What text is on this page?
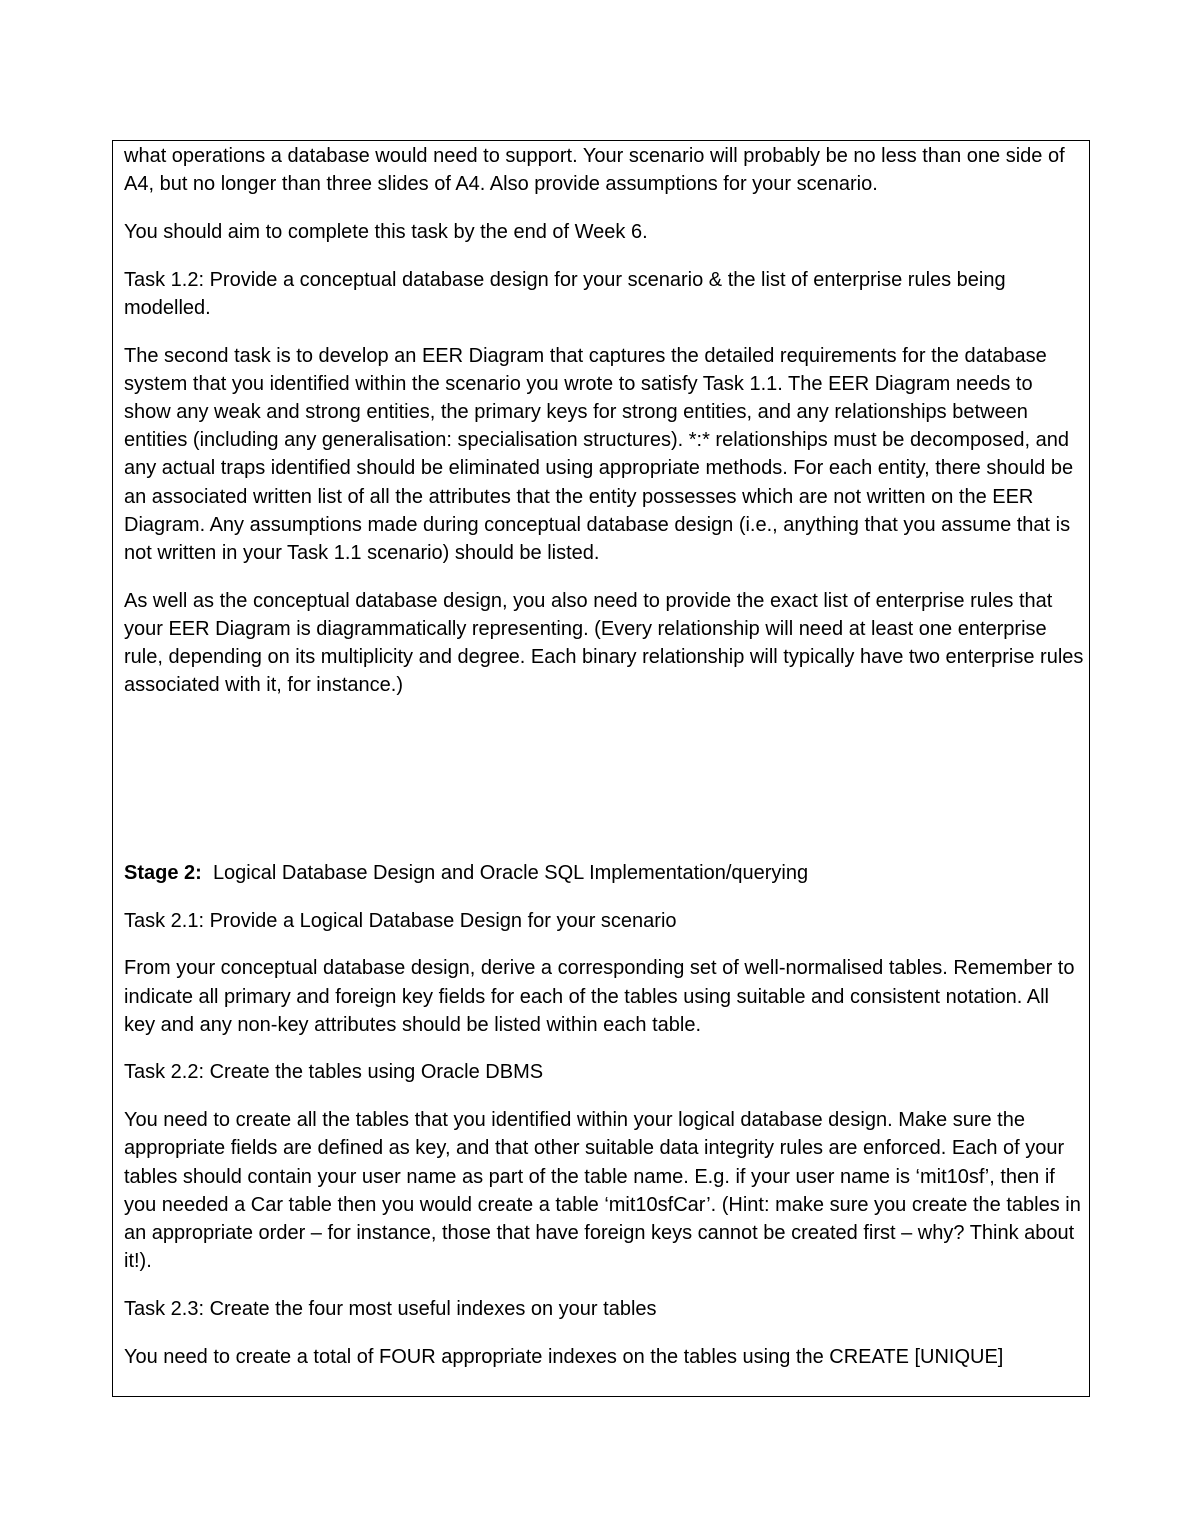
what operations a database would need to support. Your scenario will probably be no less than one side of A4, but no longer than three slides of A4. Also provide assumptions for your scenario.

You should aim to complete this task by the end of Week 6.

Task 1.2: Provide a conceptual database design for your scenario & the list of enterprise rules being modelled.

The second task is to develop an EER Diagram that captures the detailed requirements for the database system that you identified within the scenario you wrote to satisfy Task 1.1. The EER Diagram needs to show any weak and strong entities, the primary keys for strong entities, and any relationships between entities (including any generalisation: specialisation structures). *:* relationships must be decomposed, and any actual traps identified should be eliminated using appropriate methods. For each entity, there should be an associated written list of all the attributes that the entity possesses which are not written on the EER Diagram. Any assumptions made during conceptual database design (i.e., anything that you assume that is not written in your Task 1.1 scenario) should be listed.

As well as the conceptual database design, you also need to provide the exact list of enterprise rules that your EER Diagram is diagrammatically representing. (Every relationship will need at least one enterprise rule, depending on its multiplicity and degree. Each binary relationship will typically have two enterprise rules associated with it, for instance.)

Stage 2: Logical Database Design and Oracle SQL Implementation/querying

Task 2.1: Provide a Logical Database Design for your scenario

From your conceptual database design, derive a corresponding set of well-normalised tables. Remember to indicate all primary and foreign key fields for each of the tables using suitable and consistent notation. All key and any non-key attributes should be listed within each table.

Task 2.2: Create the tables using Oracle DBMS

You need to create all the tables that you identified within your logical database design. Make sure the appropriate fields are defined as key, and that other suitable data integrity rules are enforced. Each of your tables should contain your user name as part of the table name. E.g. if your user name is ‘mit10sf’, then if you needed a Car table then you would create a table ‘mit10sfCar’. (Hint: make sure you create the tables in an appropriate order – for instance, those that have foreign keys cannot be created first – why? Think about it!).

Task 2.3: Create the four most useful indexes on your tables

You need to create a total of FOUR appropriate indexes on the tables using the CREATE [UNIQUE]
